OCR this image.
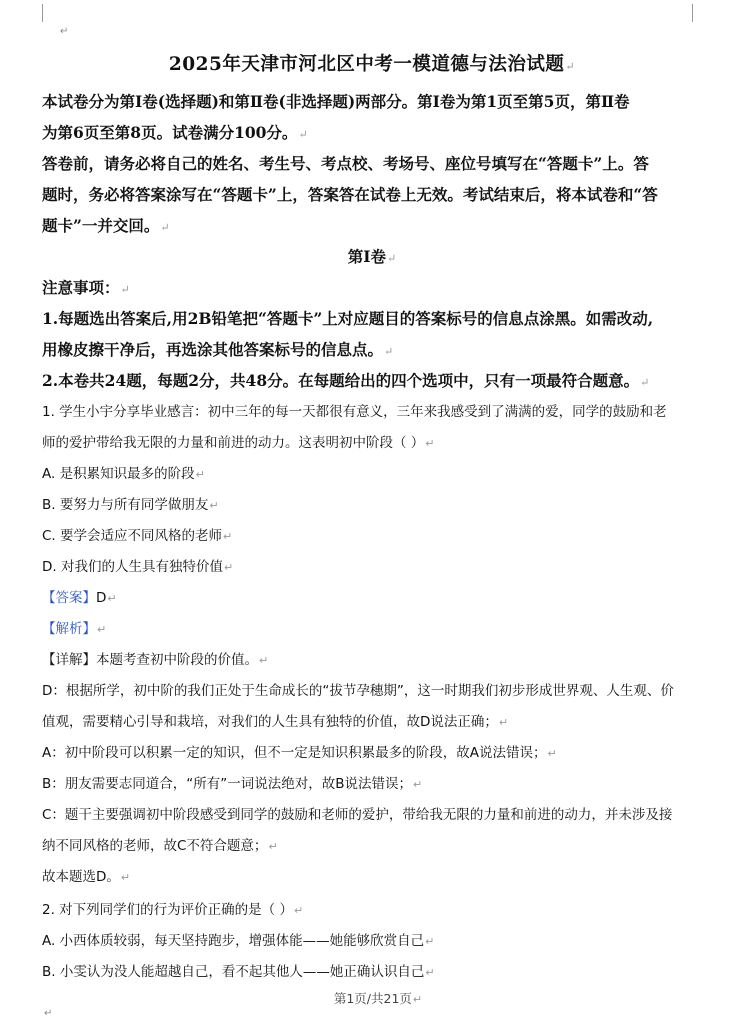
↵
↵
2025年天津市河北区中考一模道德与法治试题↵
本试卷分为第Ⅰ卷(选择题)和第Ⅱ卷(非选择题)两部分。第Ⅰ卷为第1页至第5页，第Ⅱ卷
为第6页至第8页。试卷满分100分。↵
答卷前，请务必将自己的姓名、考生号、考点校、考场号、座位号填写在“答题卡”上。答
题时，务必将答案涂写在“答题卡”上，答案答在试卷上无效。考试结束后，将本试卷和“答
题卡”一并交回。↵
第Ⅰ卷↵
注意事项：↵
1.每题选出答案后,用2B铅笔把“答题卡”上对应题目的答案标号的信息点涂黑。如需改动,
用橡皮擦干净后，再选涂其他答案标号的信息点。↵
2.本卷共24题，每题2分，共48分。在每题给出的四个选项中，只有一项最符合题意。↵
1. 学生小宇分享毕业感言：初中三年的每一天都很有意义，三年来我感受到了满满的爱，同学的鼓励和老
师的爱护带给我无限的力量和前进的动力。这表明初中阶段（ ）↵
A. 是积累知识最多的阶段↵
B. 要努力与所有同学做朋友↵
C. 要学会适应不同风格的老师↵
D. 对我们的人生具有独特价值↵
【答案】D↵
【解析】↵
【详解】本题考查初中阶段的价值。↵
D：根据所学，初中阶的我们正处于生命成长的“拔节孕穗期”，这一时期我们初步形成世界观、人生观、价
值观，需要精心引导和栽培，对我们的人生具有独特的价值，故D说法正确；↵
A：初中阶段可以积累一定的知识，但不一定是知识积累最多的阶段，故A说法错误；↵
B：朋友需要志同道合，“所有”一词说法绝对，故B说法错误；↵
C：题干主要强调初中阶段感受到同学的鼓励和老师的爱护，带给我无限的力量和前进的动力，并未涉及接
纳不同风格的老师，故C不符合题意；↵
故本题选D。↵
2. 对下列同学们的行为评价正确的是（ ）↵
A. 小西体质较弱，每天坚持跑步，增强体能——她能够欣赏自己↵
B. 小雯认为没人能超越自己，看不起其他人——她正确认识自己↵
第1页/共21页↵
